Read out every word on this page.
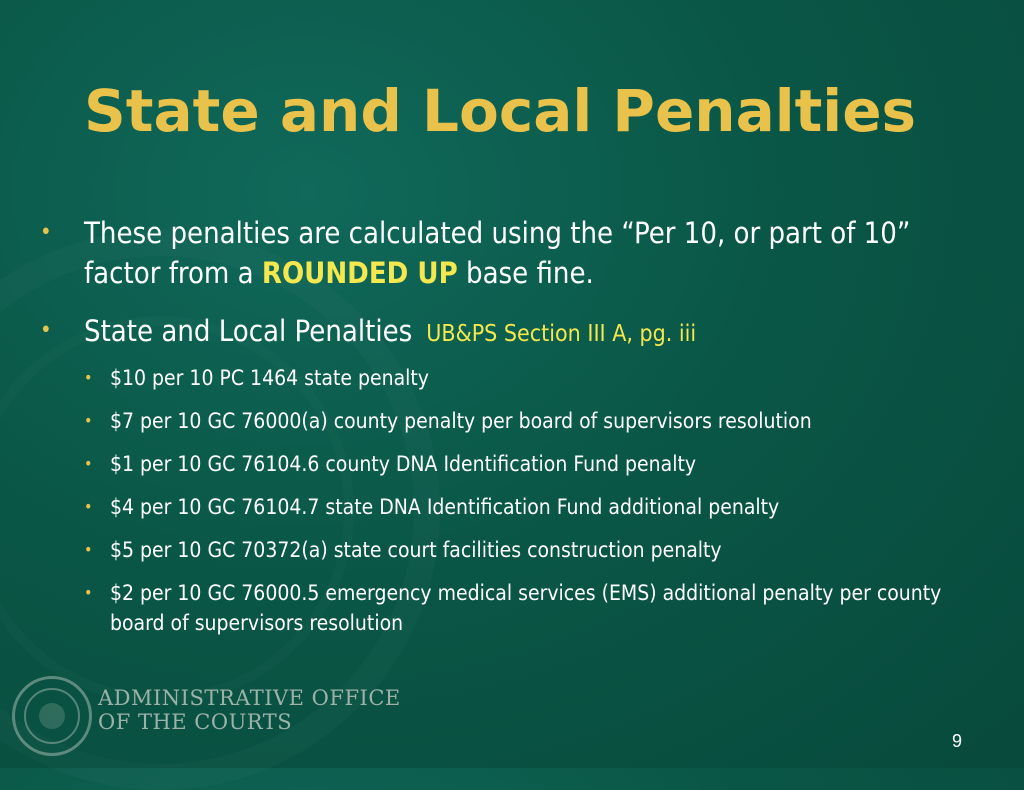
State and Local Penalties
• These penalties are calculated using the “Per 10, or part of 10” factor from a ROUNDED UP base fine.
• State and Local Penalties UB&PS Section III A, pg. iii
• $10 per 10 PC 1464 state penalty
• $7 per 10 GC 76000(a) county penalty per board of supervisors resolution
• $1 per 10 GC 76104.6 county DNA Identification Fund penalty
• $4 per 10 GC 76104.7 state DNA Identification Fund additional penalty
• $5 per 10 GC 70372(a) state court facilities construction penalty
• $2 per 10 GC 76000.5 emergency medical services (EMS) additional penalty per county board of supervisors resolution
ADMINISTRATIVE OFFICE
OF THE COURTS
9
